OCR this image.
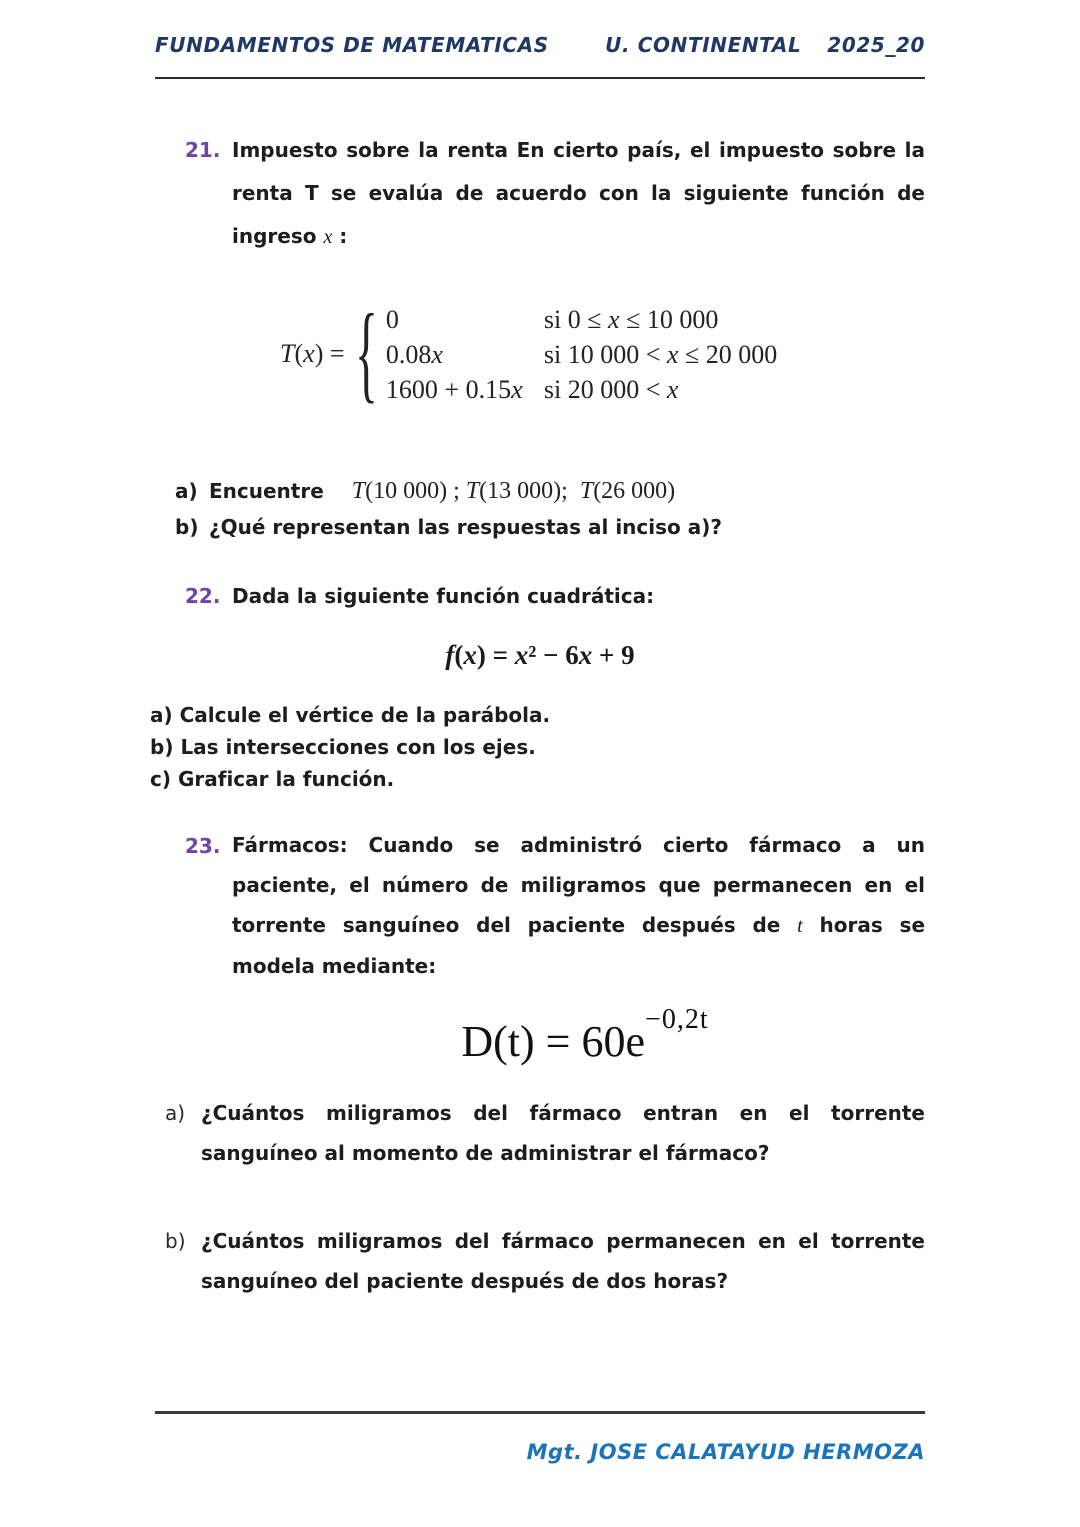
FUNDAMENTOS DE MATEMATICAS	U. CONTINENTAL 2025_20
21. Impuesto sobre la renta En cierto país, el impuesto sobre la renta T se evalúa de acuerdo con la siguiente función de ingreso x :
T(x) = { 0	si 0 ≤ x ≤ 10 000
0.08x	si 10 000 < x ≤ 20 000
1600 + 0.15x si 20 000 < x
a) Encuentre T(10 000) ; T(13 000);  T(26 000)
b) ¿Qué representan las respuestas al inciso a)?
22. Dada la siguiente función cuadrática:
f(x) = x² − 6x + 9
a) Calcule el vértice de la parábola.
b) Las intersecciones con los ejes.
c) Graficar la función.
23. Fármacos: Cuando se administró cierto fármaco a un paciente, el número de miligramos que permanecen en el torrente sanguíneo del paciente después de t horas se modela mediante:
$D(t) = 60e^{-0,2t}$
a) ¿Cuántos miligramos del fármaco entran en el torrente sanguíneo al momento de administrar el fármaco?
b) ¿Cuántos miligramos del fármaco permanecen en el torrente sanguíneo del paciente después de dos horas?
Mgt. JOSE CALATAYUD HERMOZA
